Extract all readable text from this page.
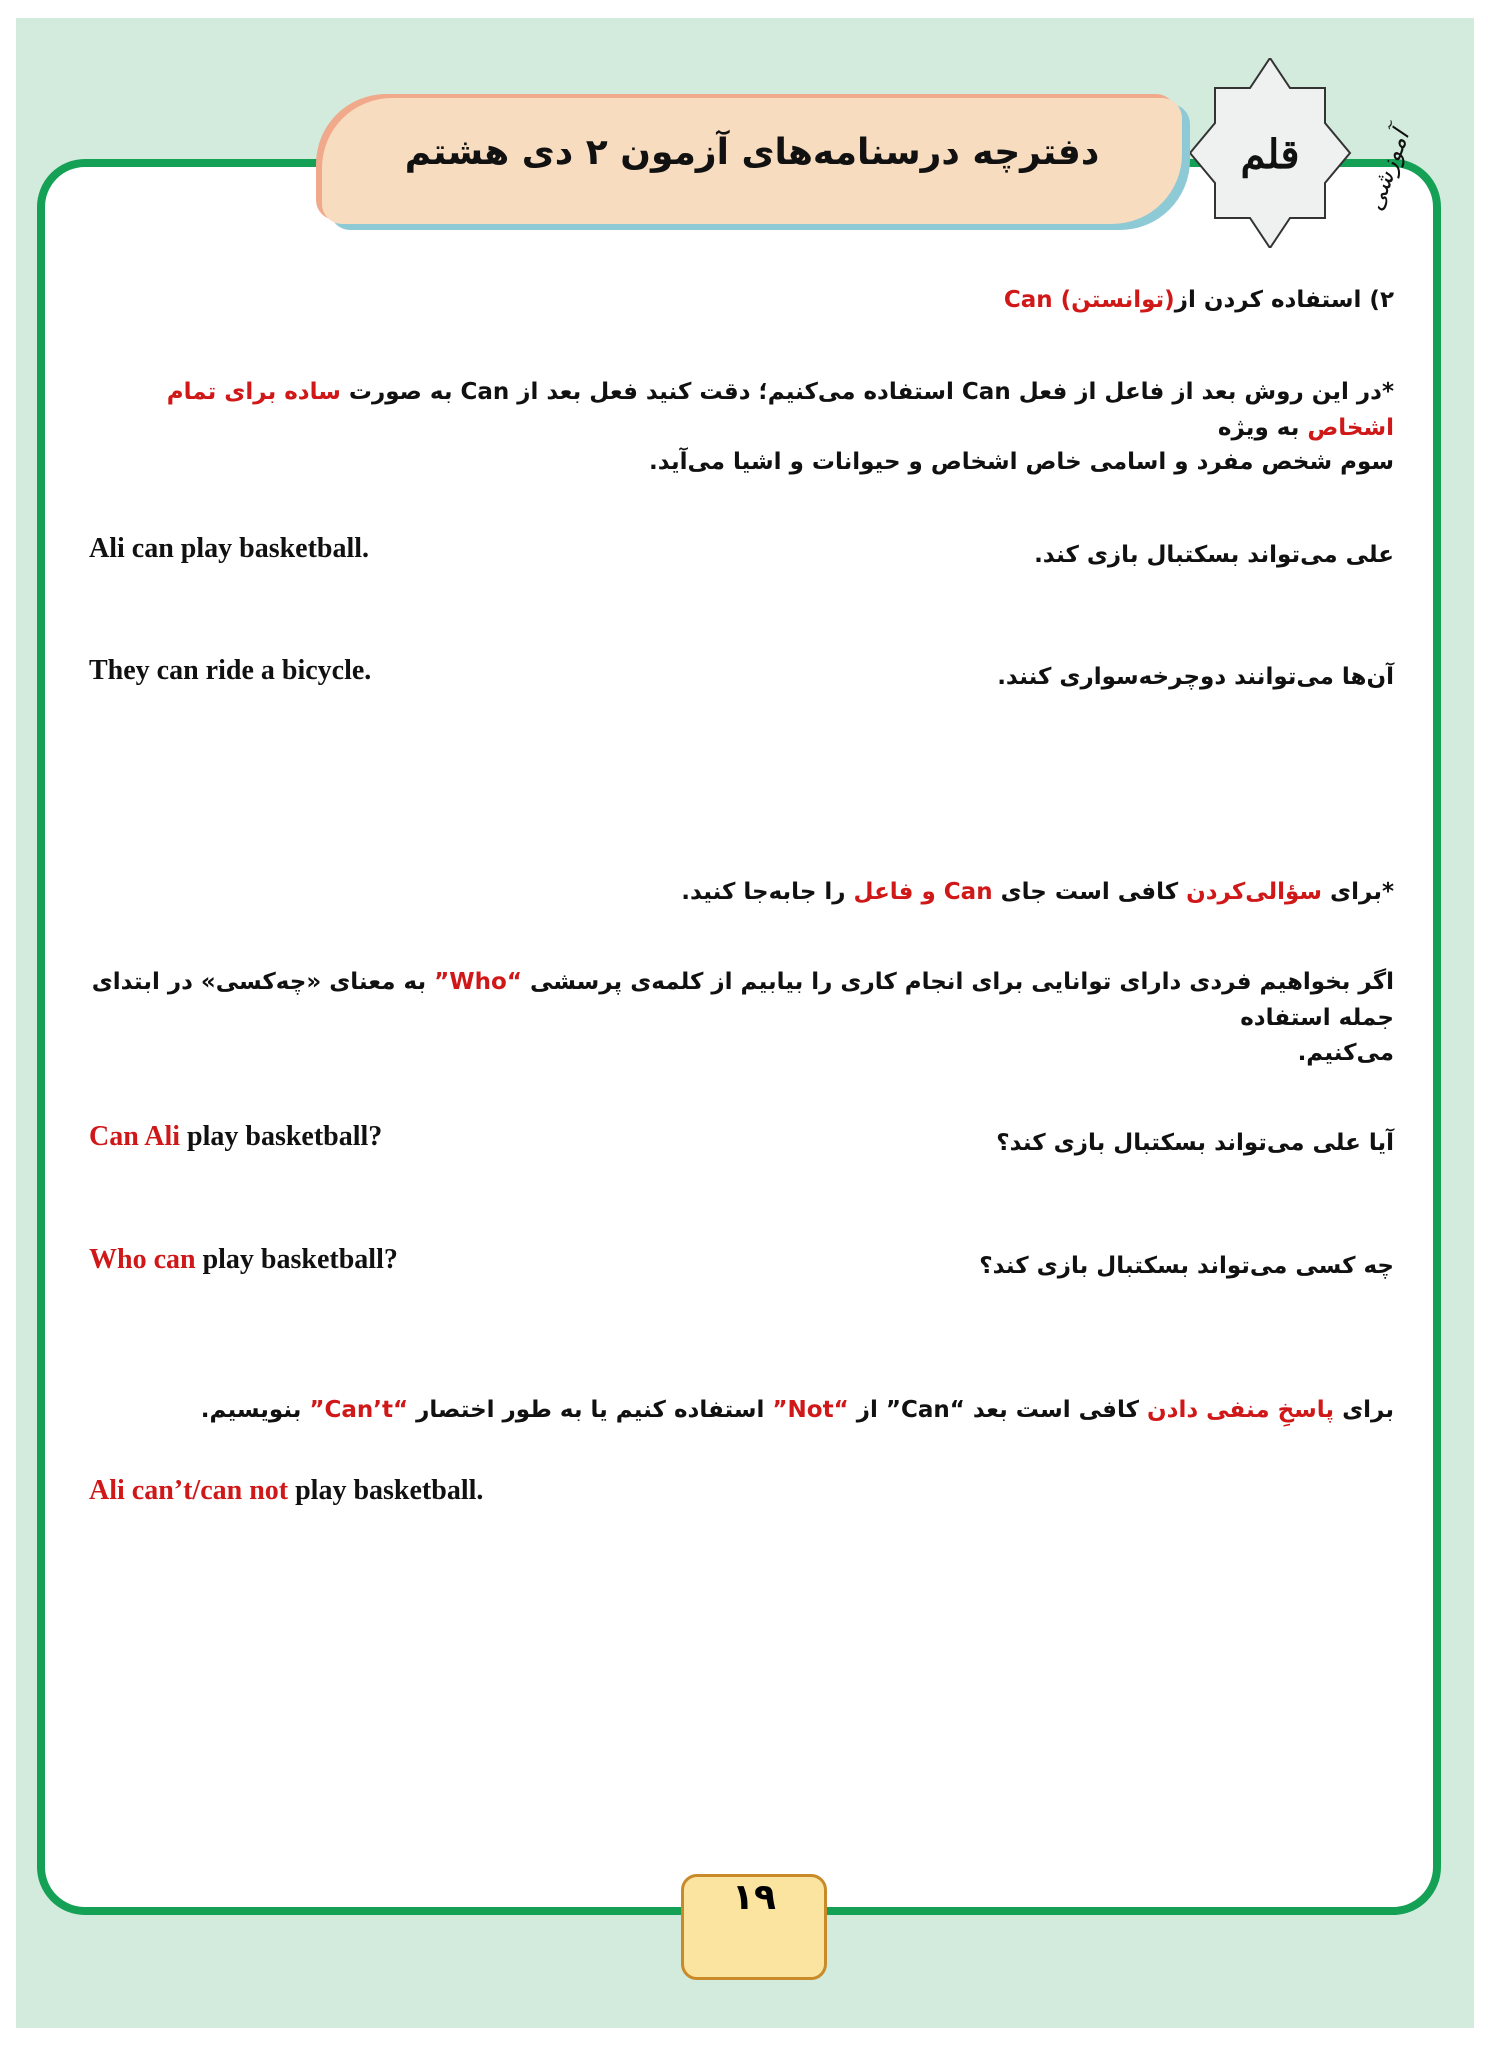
دفترچه درسنامه‌های آزمون ۲ دی هشتم	قلم	آموزشی
۲) استفاده کردن از(توانستن) Can
*در این روش بعد از فاعل از فعل Can استفاده می‌کنیم؛ دقت کنید فعل بعد از Can به صورت ساده برای تمام اشخاص به ویژه
سوم شخص مفرد و اسامی خاص اشخاص و حیوانات و اشیا می‌آید.
علی می‌تواند بسکتبال بازی کند.
Ali can play basketball.
آن‌ها می‌توانند دوچرخه‌سواری کنند.
They can ride a bicycle.
*برای سؤالی‌کردن کافی است جای Can و فاعل را جابه‌جا کنید.
اگر بخواهیم فردی دارای توانایی برای انجام کاری را بیابیم از کلمه‌ی پرسشی “Who” به معنای «چه‌کسی» در ابتدای جمله استفاده
می‌کنیم.
آیا علی می‌تواند بسکتبال بازی کند؟
Can Ali play basketball?
چه کسی می‌تواند بسکتبال بازی کند؟
Who can play basketball?
برای پاسخِ منفی دادن کافی است بعد “Can” از “Not” استفاده کنیم یا به طور اختصار “Can’t” بنویسیم.
Ali can’t/can not play basketball.
۱۹
